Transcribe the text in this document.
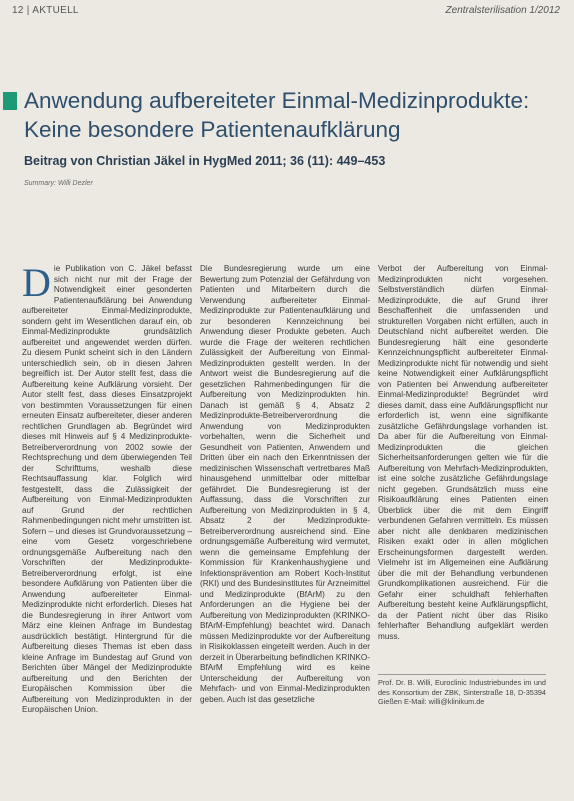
12 | AKTUELL	Zentralsterilisation 1/2012
Anwendung aufbereiteter Einmal-Medizinprodukte: Keine besondere Patientenaufklärung
Beitrag von Christian Jäkel in HygMed 2011; 36 (11): 449–453
Summary: Willi Dezler
D ie Publikation von C. Jäkel befasst sich nicht nur mit der Frage der Notwendigkeit einer gesonderten Patientenaufklärung bei Anwendung aufbereiteter Einmal-Medizinprodukte, sondern geht im Wesentlichen darauf ein, ob Einmal-Medizinprodukte grundsätzlich aufbereitet und angewendet werden dürfen. Zu diesem Punkt scheint sich in den Ländern unterschiedlich sein, ob in diesen Jahren begreiflich ist. Der Autor stellt fest, dass die Aufbereitung keine Aufklärung vorsieht. Der Autor stellt fest, dass dieses Einsatzprojekt von bestimmten Voraussetzungen für einen erneuten Einsatz aufbereiteter, dieser anderen rechtlichen Grundlagen ab. Begründet wird dieses mit Hinweis auf § 4 Medizinprodukte-Betreiberverordnung von 2002 sowie der Rechtsprechung und dem überwiegenden Teil der Schrifttums, weshalb diese Rechtsauffassung klar. Folglich wird festgestellt, dass die Zulässigkeit der Aufbereitung von Einmal-Medizinprodukten auf Grund der rechtlichen Rahmenbedingungen nicht mehr umstritten ist. Sofern – und dieses ist Grundvoraussetzung – eine vom Gesetz vorgeschriebene ordnungsgemäße Aufbereitung nach den Vorschriften der Medizinprodukte-Betreiberverordnung erfolgt, ist eine besondere Aufklärung von Patienten über die Anwendung aufbereiteter Einmal-Medizinprodukte nicht erforderlich. Dieses hat die Bundesregierung in ihrer Antwort vom März eine kleinen Anfrage im Bundestag ausdrücklich bestätigt. Hintergrund für die Aufbereitung dieses Themas ist eben dass kleine Anfrage im Bundestag auf Grund von Berichten über Mängel der Medizinprodukte aufbereitung und den Berichten der Europäischen Kommission über die Aufbereitung von Medizinprodukten in der Europäischen Union.

Die Bundesregierung wurde um eine Bewertung zum Potenzial der Gefährdung von Patienten und Mitarbeitern durch die Verwendung aufbereiteter Einmal-Medizinprodukte zur Patientenaufklärung und zur besonderen Kennzeichnung bei Anwendung dieser Produkte gebeten. Auch wurde die Frage der weiteren rechtlichen Zulässigkeit der Aufbereitung von Einmal-Medizinprodukten gestellt werden. In der Antwort weist die Bundesregierung auf die gesetzlichen Rahmenbedingungen für die Aufbereitung von Medizinprodukten hin. Danach ist gemäß § 4, Absatz 2 Medizinprodukte-Betreiberverordnung die Anwendung von Medizinprodukten vorbehalten, wenn die Sicherheit und Gesundheit von Patienten, Anwendern und Dritten über ein nach den Erkenntnissen der medizinischen Wissenschaft vertretbares Maß hinausgehend unmittelbar oder mittelbar gefährdet. Die Bundesregierung ist der Auffassung, dass die Vorschriften zur Aufbereitung von Medizinprodukten in § 4, Absatz 2 der Medizinprodukte-Betreiberverordnung ausreichend sind. Eine ordnungsgemäße Aufbereitung wird vermutet, wenn die gemeinsame Empfehlung der Kommission für Krankenhaushygiene und Infektionsprävention am Robert Koch-Institut (RKI) und des Bundesinstitutes für Arzneimittel und Medizinprodukte (BfArM) zu den Anforderungen an die Hygiene bei der Aufbereitung von Medizinprodukten (KRINKO-BfArM-Empfehlung) beachtet wird. Danach müssen Medizinprodukte vor der Aufbereitung in Risikoklassen eingeteilt werden. Auch in der derzeit in Überarbeitung befindlichen KRINKO-BfArM Empfehlung wird es keine Unterscheidung der Aufbereitung von Mehrfach- und von Einmal-Medizinprodukten geben. Auch ist das gesetzliche

Verbot der Aufbereitung von Einmal-Medizinprodukten nicht vorgesehen. Selbstverständlich dürfen Einmal-Medizinprodukte, die auf Grund ihrer Beschaffenheit die umfassenden und strukturellen Vorgaben nicht erfüllen, auch in Deutschland nicht aufbereitet werden. Die Bundesregierung hält eine gesonderte Kennzeichnungspflicht aufbereiteter Einmal-Medizinprodukte nicht für notwendig und sieht keine Notwendigkeit einer Aufklärungspflicht von Patienten bei Anwendung aufbereiteter Einmal-Medizinprodukte! Begründet wird dieses damit, dass eine Aufklärungspflicht nur erforderlich ist, wenn eine signifikante zusätzliche Gefährdungslage vorhanden ist. Da aber für die Aufbereitung von Einmal-Medizinprodukten die gleichen Sicherheitsanforderungen gelten wie für die Aufbereitung von Mehrfach-Medizinprodukten, ist eine solche zusätzliche Gefährdungslage nicht gegeben. Grundsätzlich muss eine Risikoaufklärung eines Patienten einen Überblick über die mit dem Eingriff verbundenen Gefahren vermitteln. Es müssen aber nicht alle denkbaren medizinischen Risiken exakt oder in allen möglichen Erscheinungsformen dargestellt werden. Vielmehr ist im Allgemeinen eine Aufklärung über die mit der Behandlung verbundenen Grundkomplikationen ausreichend. Für die Gefahr einer schuldhaft fehlerhaften Aufbereitung besteht keine Aufklärungspflicht, da der Patient nicht über das Risiko fehlerhafter Behandlung aufgeklärt werden muss.

Prof. Dr. B. Willi, Euroclinic Industriebundes im und des Konsortium der ZBK, Sinterstraße 18, D-35394 Gießen E-Mail: willi@klinikum.de
